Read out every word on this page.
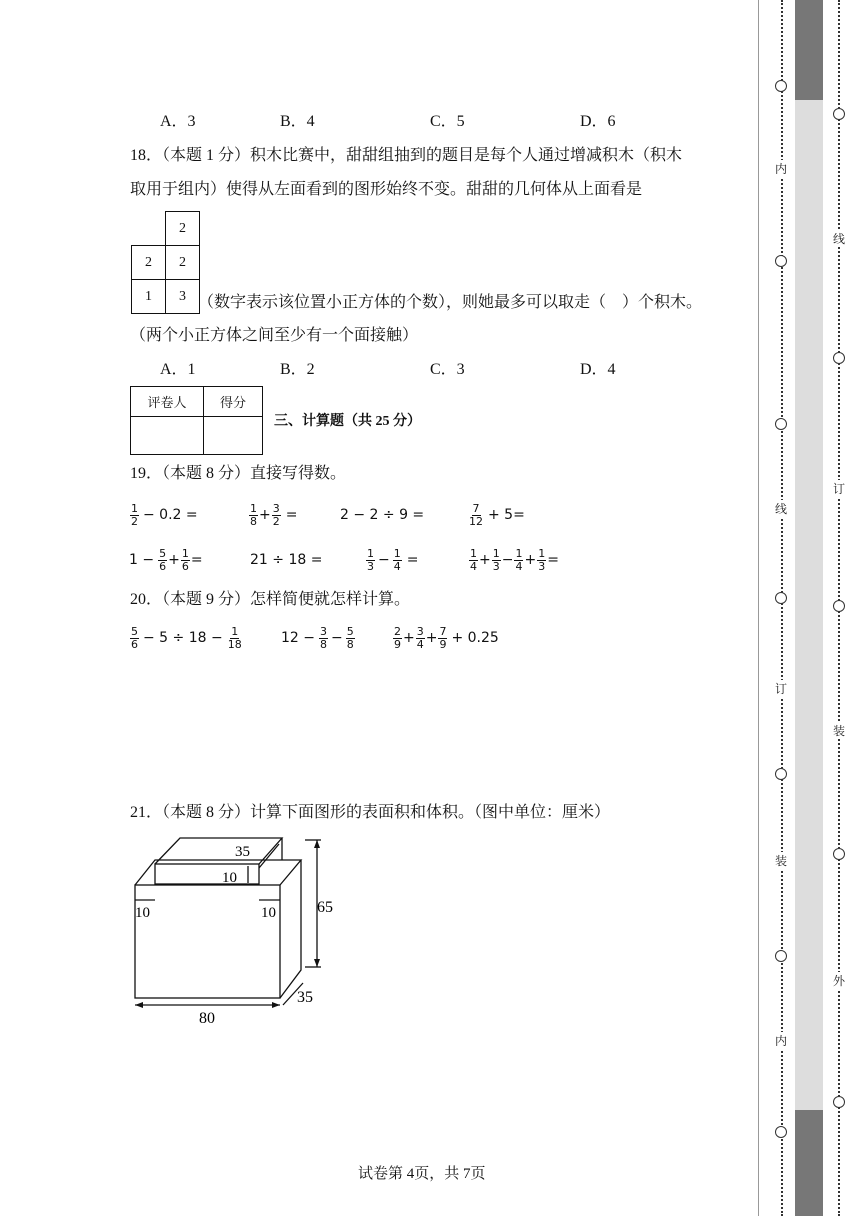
A．3	B．4	C．5	D．6
18．（本题 1 分）积木比赛中，甜甜组抽到的题目是每个人通过增减积木（积木
取用于组内）使得从左面看到的图形始终不变。甜甜的几何体从上面看是
	2
2	2
1	3 （数字表示该位置小正方体的个数），则她最多可以取走（　）个积木。
（两个小正方体之间至少有一个面接触）
A．1	B．2	C．3	D．4
评卷人	得分

三、计算题（共 25 分）
19．（本题 8 分）直接写得数。
$\frac{1}{2} - 0.2$ =	$\frac{1}{8} + \frac{3}{2}$ =	2 − 2 ÷ 9 =	$\frac{7}{12} + 5=$
$1 - \frac{5}{6} + \frac{1}{6}$ =	21 ÷ 18 =	$\frac{1}{3} - \frac{1}{4}$ =	$\frac{1}{4} + \frac{1}{3} - \frac{1}{4} + \frac{1}{3}$ =
20．（本题 9 分）怎样简便就怎样计算。
$\frac{5}{6} - 5 \div 18 - \frac{1}{18}$	$12 - \frac{3}{8} - \frac{5}{8}$	$\frac{2}{9} + \frac{3}{4} + \frac{7}{9} + 0.25$
21．（本题 8 分）计算下面图形的表面积和体积。（图中单位：厘米）
35
10
10	10	65
35
80
试卷第 4页，共 7页
内
线
订
装
内
线
订
装
外
